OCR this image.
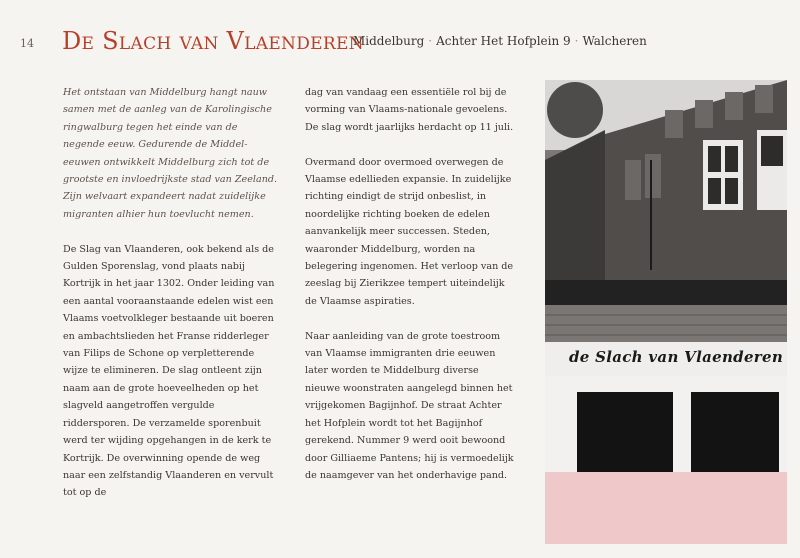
14 De Slach van Vlaenderen
Middelburg · Achter Het Hofplein 9 · Walcheren

Het ontstaan van Middelburg hangt nauw samen met de aanleg van de Karolingische ringwalburg tegen het einde van de negende eeuw. Gedurende de Middeleeuwen ontwikkelt Middelburg zich tot de grootste en invloedrijkste stad van Zeeland. Zijn welvaart expandeert nadat zuidelijke migranten alhier hun toevlucht nemen.

De Slag van Vlaanderen, ook bekend als de Gulden Sporenslag, vond plaats nabij Kortrijk in het jaar 1302. Onder leiding van een aantal vooraanstaande edelen wist een Vlaams voetvolkleger bestaande uit boeren en ambachtslieden het Franse ridderleger van Filips de Schone op verpletterende wijze te elimineren. De slag ontleent zijn naam aan de grote hoeveelheden op het slagveld aangetroffen vergulde riddersporen. De verzamelde sporenbuit werd ter wijding opgehangen in de kerk te Kortrijk. De overwinning opende de weg naar een zelfstandig Vlaanderen en vervult tot op de

dag van vandaag een essentiële rol bij de vorming van Vlaams-nationale gevoelens. De slag wordt jaarlijks herdacht op 11 juli.

Overmand door overmoed overwegen de Vlaamse edellieden expansie. In zuidelijke richting eindigt de strijd onbeslist, in noordelijke richting boeken de edelen aanvankelijk meer successen. Steden, waaronder Middelburg, worden na belegering ingenomen. Het verloop van de zeeslag bij Zierikzee tempert uiteindelijk de Vlaamse aspiraties.

Naar aanleiding van de grote toestroom van Vlaamse immigranten drie eeuwen later worden te Middelburg diverse nieuwe woonstraten aangelegd binnen het vrijgekomen Bagijnhof. De straat Achter het Hofplein wordt tot het Bagijnhof gerekend. Nummer 9 werd ooit bewoond door Gilliaeme Pantens; hij is vermoedelijk de naamgever van het onderhavige pand.

de Slach van Vlaenderen
